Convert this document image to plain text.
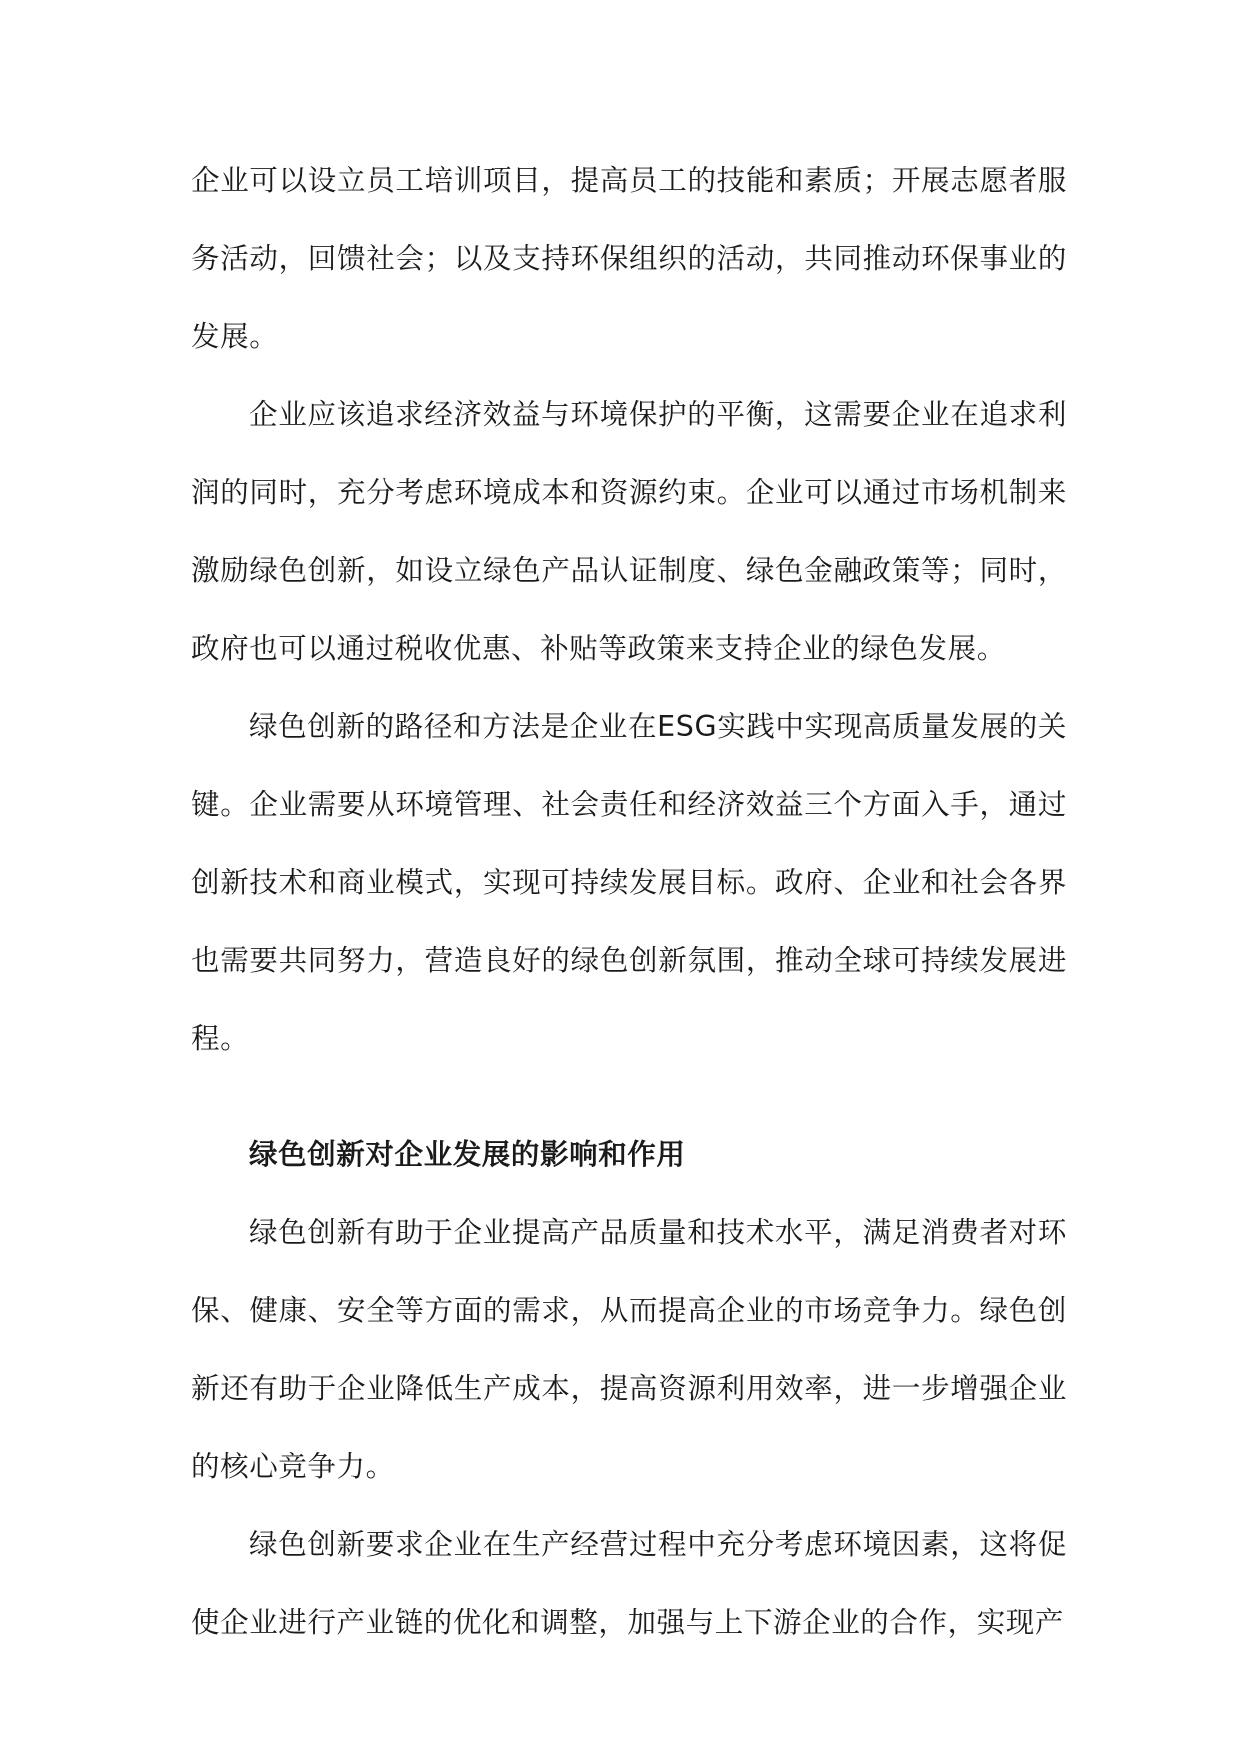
企业可以设立员工培训项目，提高员工的技能和素质；开展志愿者服务活动，回馈社会；以及支持环保组织的活动，共同推动环保事业的发展。

企业应该追求经济效益与环境保护的平衡，这需要企业在追求利润的同时，充分考虑环境成本和资源约束。企业可以通过市场机制来激励绿色创新，如设立绿色产品认证制度、绿色金融政策等；同时，政府也可以通过税收优惠、补贴等政策来支持企业的绿色发展。

绿色创新的路径和方法是企业在ESG实践中实现高质量发展的关键。企业需要从环境管理、社会责任和经济效益三个方面入手，通过创新技术和商业模式，实现可持续发展目标。政府、企业和社会各界也需要共同努力，营造良好的绿色创新氛围，推动全球可持续发展进程。

绿色创新对企业发展的影响和作用

绿色创新有助于企业提高产品质量和技术水平，满足消费者对环保、健康、安全等方面的需求，从而提高企业的市场竞争力。绿色创新还有助于企业降低生产成本，提高资源利用效率，进一步增强企业的核心竞争力。

绿色创新要求企业在生产经营过程中充分考虑环境因素，这将促使企业进行产业链的优化和调整，加强与上下游企业的合作，实现产
